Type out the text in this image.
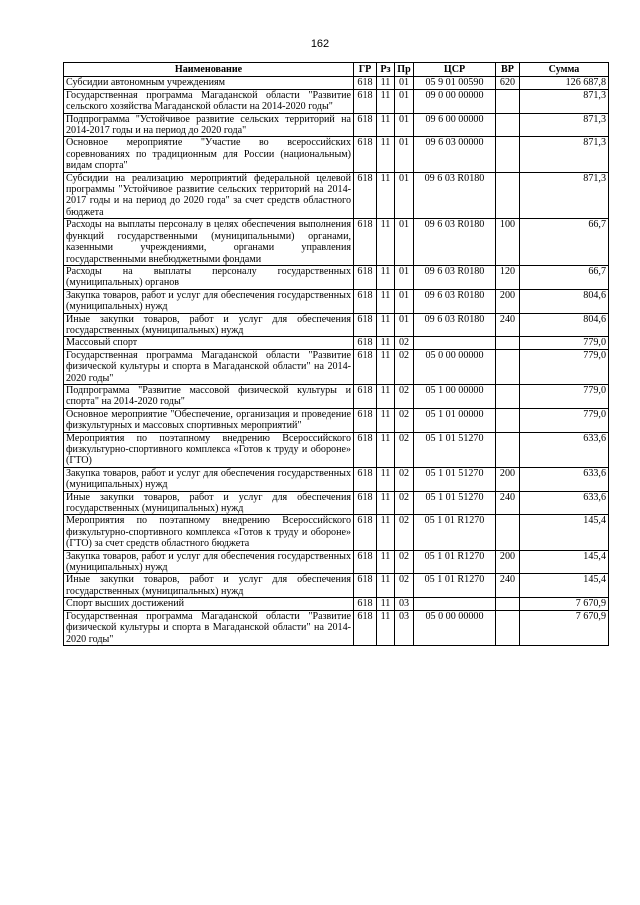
162
Наименование	ГР	Рз	Пр	ЦСР	ВР	Сумма
Субсидии автономным учреждениям	618	11	01	05 9 01 00590	620	126 687,8
Государственная программа Магаданской области "Развитие сельского хозяйства Магаданской области на 2014-2020 годы"	618	11	01	09 0 00 00000		871,3
Подпрограмма "Устойчивое развитие сельских территорий на 2014-2017 годы и на период до 2020 года"	618	11	01	09 6 00 00000		871,3
Основное мероприятие "Участие во всероссийских соревнованиях по традиционным для России (национальным) видам спорта"	618	11	01	09 6 03 00000		871,3
Субсидии на реализацию мероприятий федеральной целевой программы "Устойчивое развитие сельских территорий на 2014-2017 годы и на период до 2020 года" за счет средств областного бюджета	618	11	01	09 6 03 R0180		871,3
Расходы на выплаты персоналу в целях обеспечения выполнения функций государственными (муниципальными) органами, казенными учреждениями, органами управления государственными внебюджетными фондами	618	11	01	09 6 03 R0180	100	66,7
Расходы на выплаты персоналу государственных (муниципальных) органов	618	11	01	09 6 03 R0180	120	66,7
Закупка товаров, работ и услуг для обеспечения государственных (муниципальных) нужд	618	11	01	09 6 03 R0180	200	804,6
Иные закупки товаров, работ и услуг для обеспечения государственных (муниципальных) нужд	618	11	01	09 6 03 R0180	240	804,6
Массовый спорт	618	11	02			779,0
Государственная программа Магаданской области "Развитие физической культуры и спорта в Магаданской области" на 2014-2020 годы"	618	11	02	05 0 00 00000		779,0
Подпрограмма "Развитие массовой физической культуры и спорта" на 2014-2020 годы"	618	11	02	05 1 00 00000		779,0
Основное мероприятие "Обеспечение, организация и проведение физкультурных и массовых спортивных мероприятий"	618	11	02	05 1 01 00000		779,0
Мероприятия по поэтапному внедрению Всероссийского физкультурно-спортивного комплекса «Готов к труду и обороне» (ГТО)	618	11	02	05 1 01 51270		633,6
Закупка товаров, работ и услуг для обеспечения государственных (муниципальных) нужд	618	11	02	05 1 01 51270	200	633,6
Иные закупки товаров, работ и услуг для обеспечения государственных (муниципальных) нужд	618	11	02	05 1 01 51270	240	633,6
Мероприятия по поэтапному внедрению Всероссийского физкультурно-спортивного комплекса «Готов к труду и обороне» (ГТО) за счет средств областного бюджета	618	11	02	05 1 01 R1270		145,4
Закупка товаров, работ и услуг для обеспечения государственных (муниципальных) нужд	618	11	02	05 1 01 R1270	200	145,4
Иные закупки товаров, работ и услуг для обеспечения государственных (муниципальных) нужд	618	11	02	05 1 01 R1270	240	145,4
Спорт высших достижений	618	11	03			7 670,9
Государственная программа Магаданской области "Развитие физической культуры и спорта в Магаданской области" на 2014-2020 годы"	618	11	03	05 0 00 00000		7 670,9
